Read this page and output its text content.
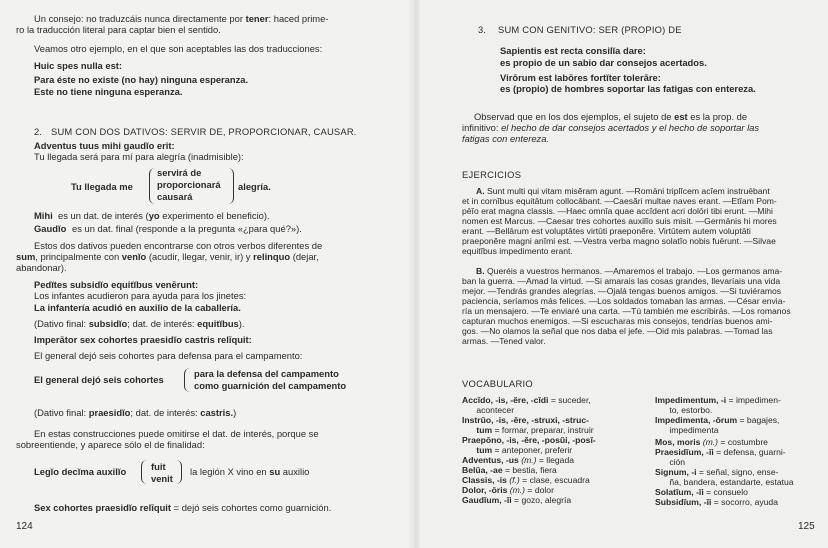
Un consejo: no traduzcáis nunca directamente por tener: haced prime-
ro la traducción literal para captar bien el sentido.
Veamos otro ejemplo, en el que son aceptables las dos traducciones:
Huic spes nulla est:
Para éste no existe (no hay) ninguna esperanza.
Este no tiene ninguna esperanza.
2. SUM CON DOS DATIVOS: SERVIR DE, PROPORCIONAR, CAUSAR.
Adventus tuus mihi gaudĭo erit:
Tu llegada será para mí para alegría (inadmisible):
Tu llegada me
servirá de
proporcionará
causará
alegría.
Mihi es un dat. de interés (yo experimento el beneficio).
Gaudĭo es un dat. final (responde a la pregunta «¿para qué?»).
Estos dos dativos pueden encontrarse con otros verbos diferentes de
sum, principalmente con venĭo (acudir, llegar, venir, ir) y relinquo (dejar,
abandonar).
Pedĭtes subsidĭo equitĭbus venērunt:
Los infantes acudieron para ayuda para los jinetes:
La infantería acudió en auxilio de la caballería.
(Dativo final: subsidĭo; dat. de interés: equitĭbus).
Imperātor sex cohortes praesidĭo castris relīquit:
El general dejó seis cohortes para defensa para el campamento:
El general dejó seis cohortes
para la defensa del campamento
como guarnición del campamento
(Dativo final: praesidĭo; dat. de interés: castris.)
En estas construcciones puede omitirse el dat. de interés, porque se
sobreentiende, y aparece sólo el de finalidad:
Legĭo decĭma auxilĭo	fuit
venit
la legión X vino en su auxilio
Sex cohortes praesidĭo relīquit = dejó seis cohortes como guarnición.
124
3. SUM CON GENITIVO: SER (PROPIO) DE
Sapientis est recta consilĭa dare:
es propio de un sabio dar consejos acertados.
Virōrum est labōres fortĭter tolerāre:
es (propio) de hombres soportar las fatigas con entereza.
Observad que en los dos ejemplos, el sujeto de est es la prop. de
infinitivo: el hecho de dar consejos acertados y el hecho de soportar las
fatigas con entereza.
EJERCICIOS
A. Sunt multi qui vitam misĕram agunt. —Romāni triplĭcem acĭem instruēbant
et in cornĭbus equitātum collocābant. —Caesări multae naves erant. —Etĭam Pom-
pēĭo erat magna classis. —Haec omnĭa quae accĭdent acri dolōri tibi erunt. —Mihi
nomen est Marcus. —Caesar tres cohortes auxilĭo suis misit. —Germānis hi mores
erant. —Bellārum est voluptātes virtūti praeponĕre. Virtūtem autem voluptāti
praeponĕre magni anĭmi est. —Vestra verba magno solatĭo nobis fuērunt. —Silvae
equitĭbus impedimento erant.
B. Queréis a vuestros hermanos. —Amaremos el trabajo. —Los germanos ama-
ban la guerra. —Amad la virtud. —Si amarais las cosas grandes, llevaríais una vida
mejor. —Tendrás grandes alegrías. —Ojalá tengas buenos amigos. —Si tuviéramos
paciencia, seríamos más felices. —Los soldados tomaban las armas. —César envia-
ría un mensajero. —Te enviaré una carta. —Tú también me escribirás. —Los romanos
capturan muchos enemigos. —Si escucharas mis consejos, tendrías buenos ami-
gos. —No olamos la señal que nos daba el jefe. —Oid mis palabras. —Tomad las
armas. —Tened valor.
VOCABULARIO
Accĭdo, -is, -ĕre, -cĭdi = suceder,
acontecer
Instrŭo, -is, -ĕre, -struxi, -struc-
tum = formar, preparar, instruir
Praepōno, -is, -ĕre, -posŭi, -posĭ-
tum = anteponer, preferir
Adventus, -us (m.) = llegada
Belŭa, -ae = bestia, fiera
Classis, -is (f.) = clase, escuadra
Dolor, -ōris (m.) = dolor
Gaudĭum, -ĭi = gozo, alegría
Impedimentum, -i = impedimen-
to, estorbo.
Impedimenta, -ōrum = bagajes,
impedimenta
Mos, moris (m.) = costumbre
Praesidĭum, -ĭi = defensa, guarni-
ción
Signum, -i = señal, signo, ense-
ña, bandera, estandarte, estatua
Solatĭum, -ĭi = consuelo
Subsidĭum, -ĭi = socorro, ayuda
125
